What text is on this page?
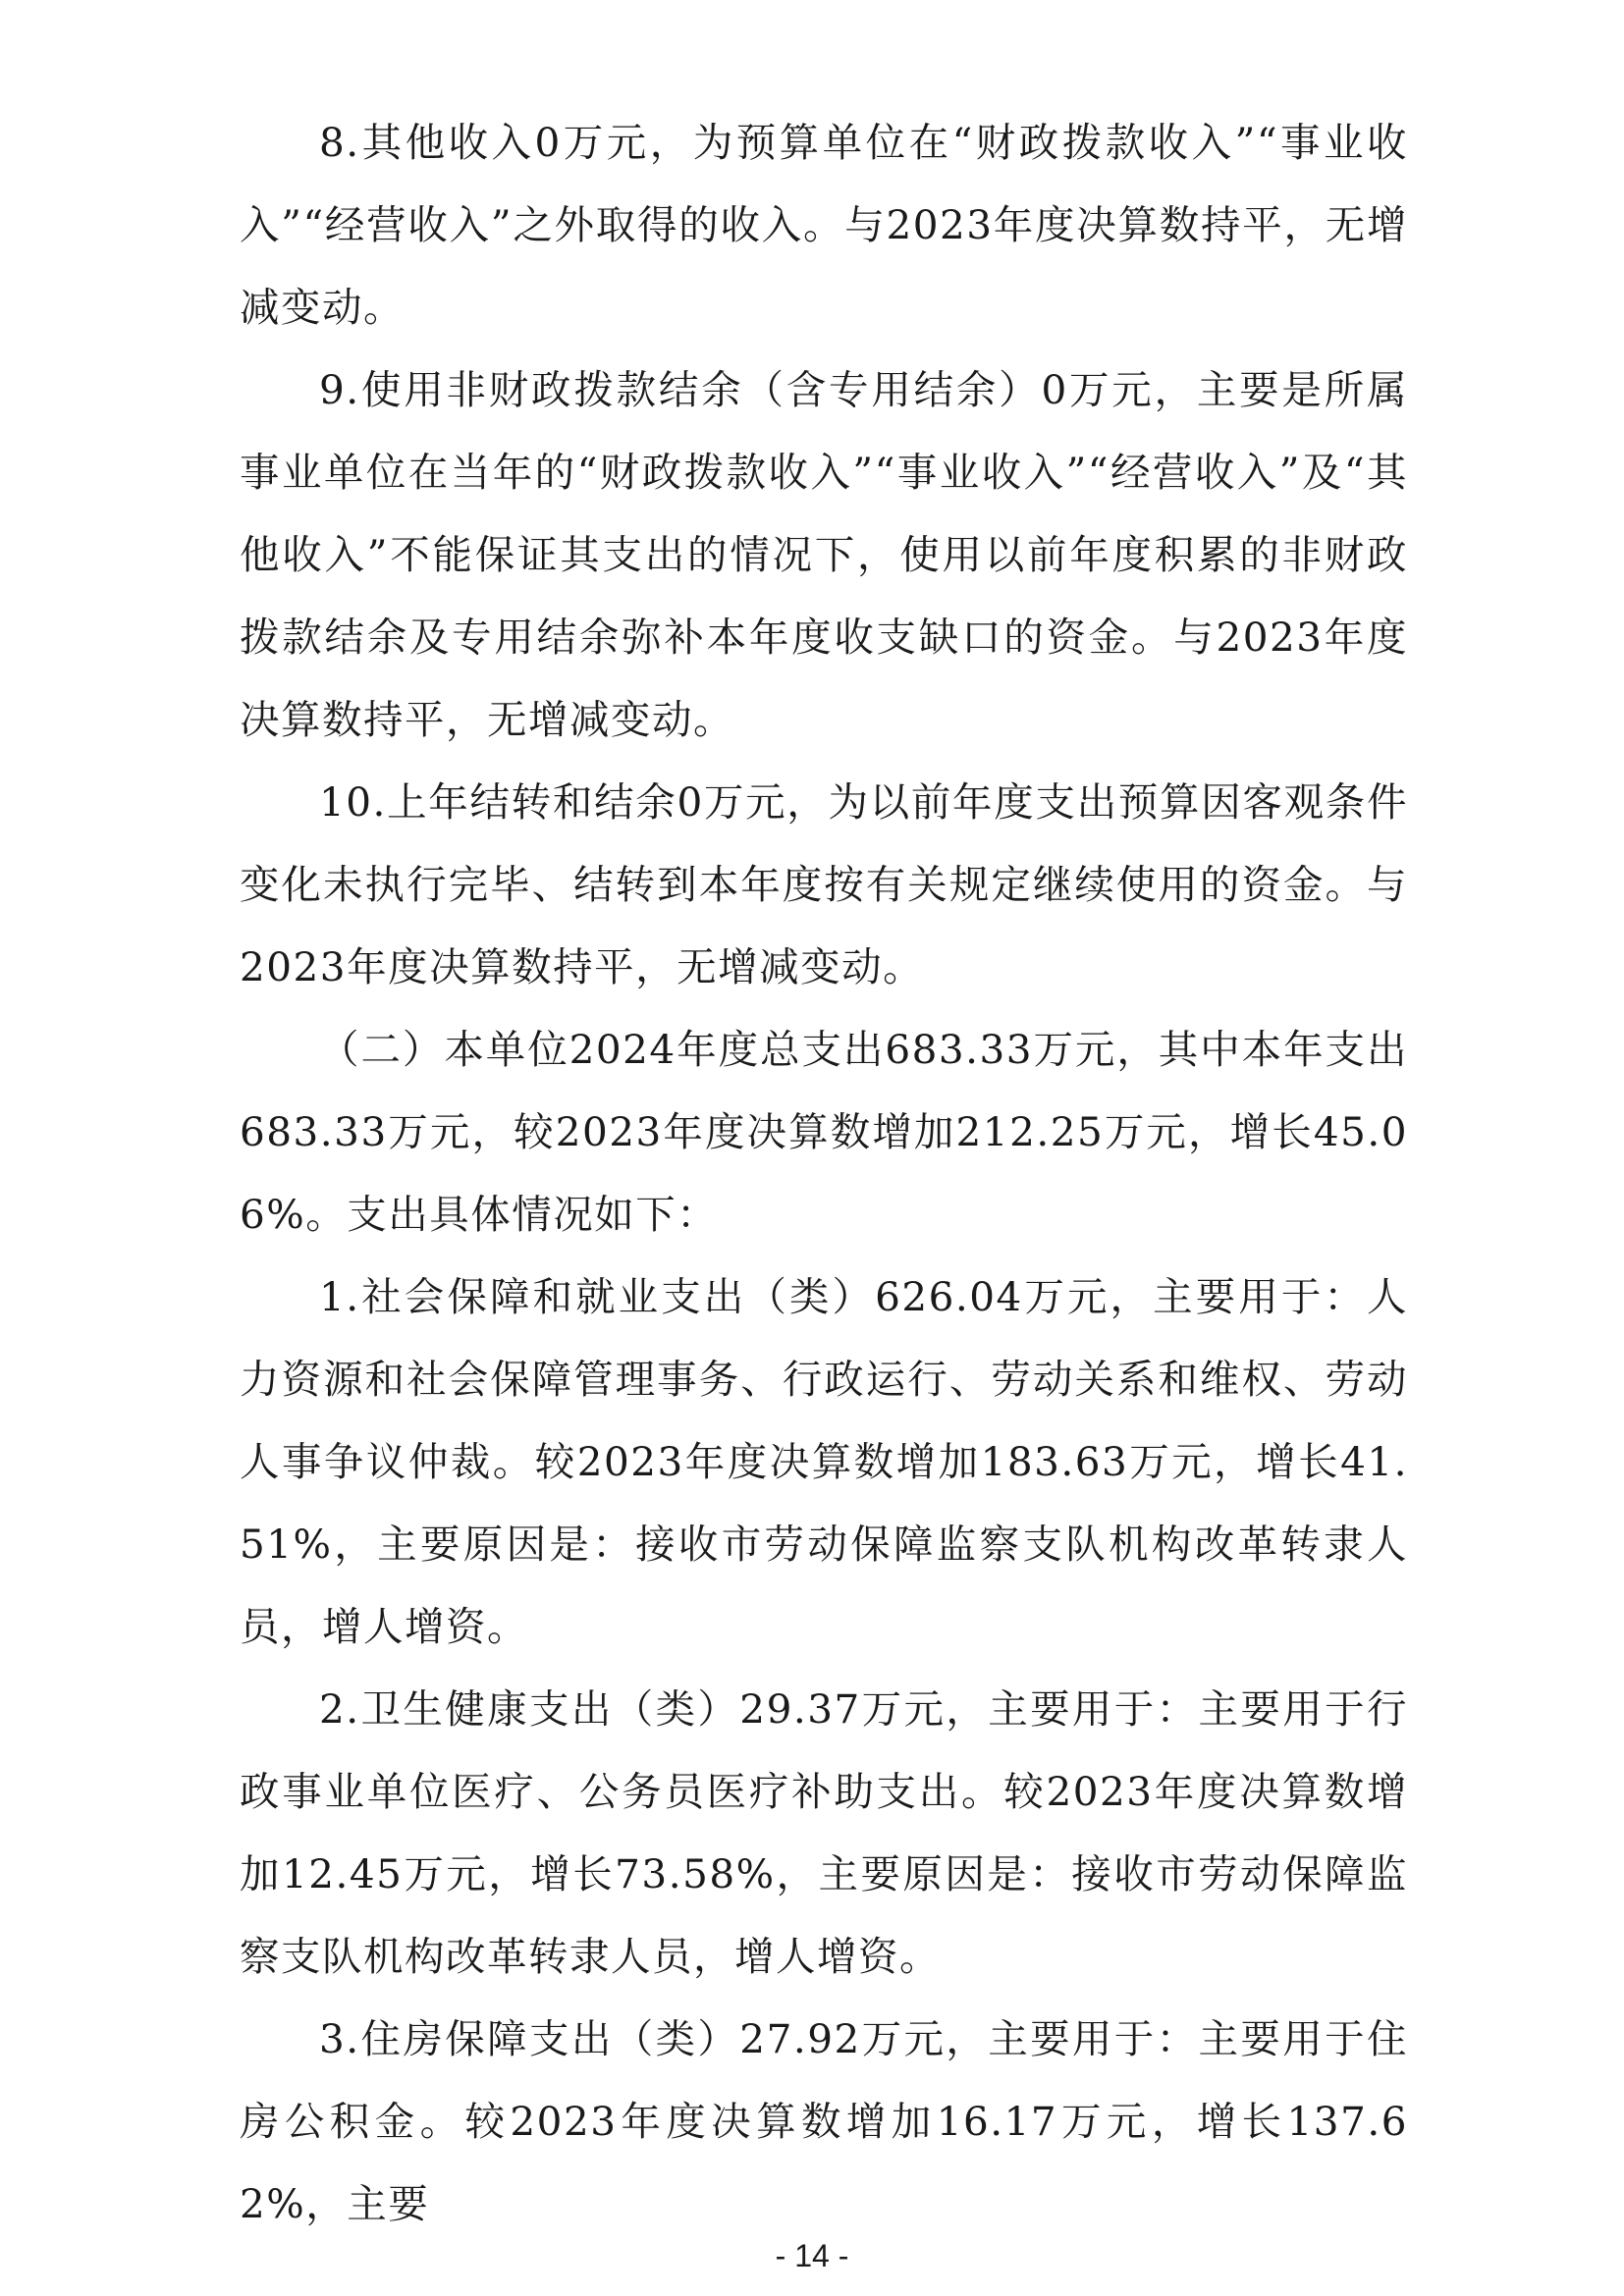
8.其他收入0万元，为预算单位在“财政拨款收入”“事业收入”“经营收入”之外取得的收入。与2023年度决算数持平，无增减变动。

9.使用非财政拨款结余（含专用结余）0万元，主要是所属事业单位在当年的“财政拨款收入”“事业收入”“经营收入”及“其他收入”不能保证其支出的情况下，使用以前年度积累的非财政拨款结余及专用结余弥补本年度收支缺口的资金。与2023年度决算数持平，无增减变动。

10.上年结转和结余0万元，为以前年度支出预算因客观条件变化未执行完毕、结转到本年度按有关规定继续使用的资金。与2023年度决算数持平，无增减变动。

（二）本单位2024年度总支出683.33万元，其中本年支出683.33万元，较2023年度决算数增加212.25万元，增长45.06%。支出具体情况如下：

1.社会保障和就业支出（类）626.04万元，主要用于：人力资源和社会保障管理事务、行政运行、劳动关系和维权、劳动人事争议仲裁。较2023年度决算数增加183.63万元，增长41.51%，主要原因是：接收市劳动保障监察支队机构改革转隶人员，增人增资。

2.卫生健康支出（类）29.37万元，主要用于：主要用于行政事业单位医疗、公务员医疗补助支出。较2023年度决算数增加12.45万元，增长73.58%，主要原因是：接收市劳动保障监察支队机构改革转隶人员，增人增资。

3.住房保障支出（类）27.92万元，主要用于：主要用于住房公积金。较2023年度决算数增加16.17万元，增长137.62%，主要

- 14 -
